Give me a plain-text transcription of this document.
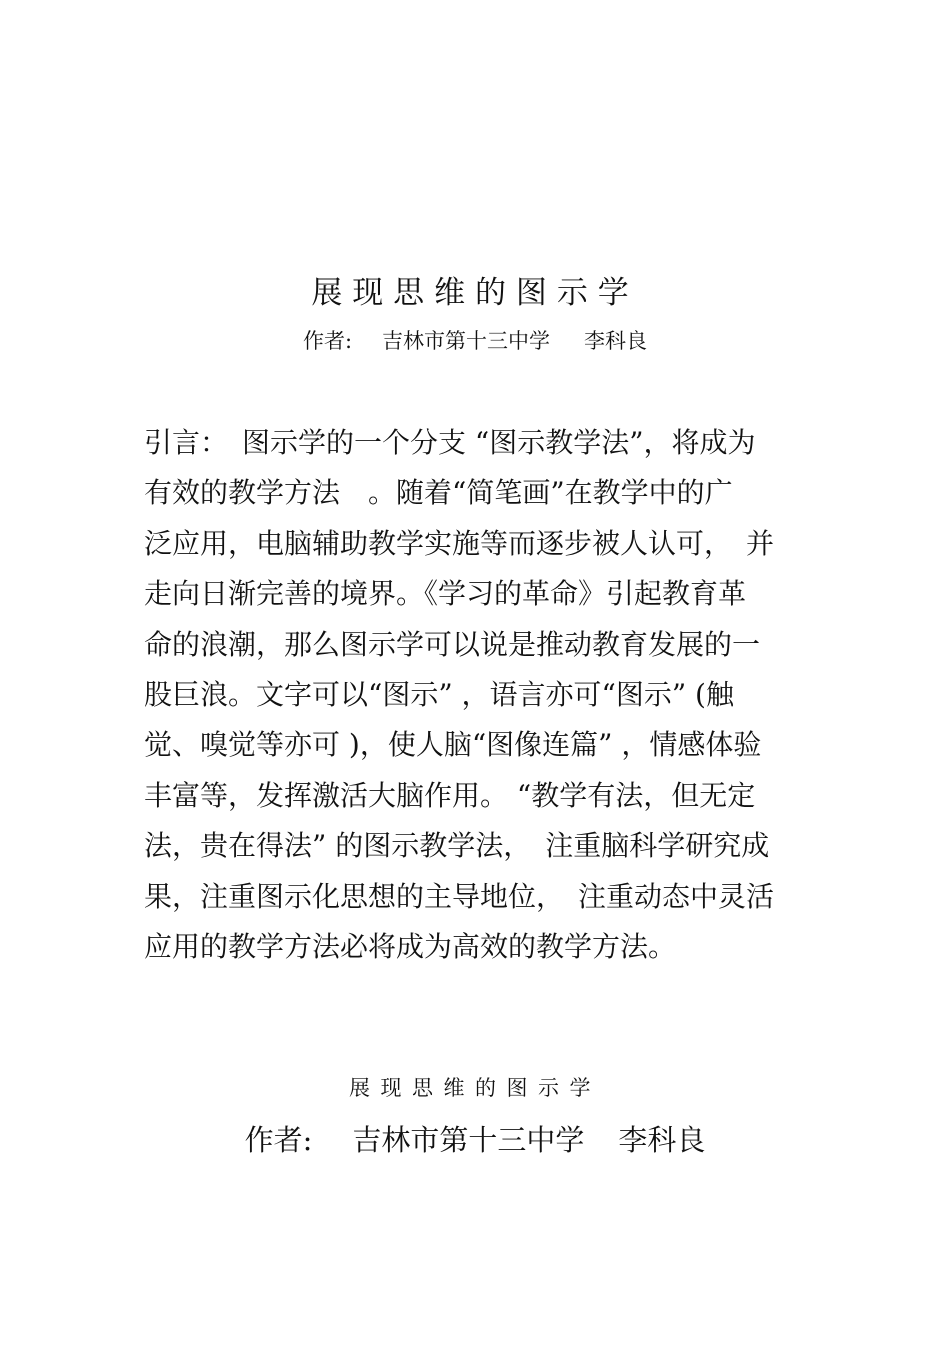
展现思维的图示学
作者: 吉林市第十三中学 李科良
引言：　图示学的一个分支 “图示教学法”，将成为
有效的教学方法　。随着“简笔画”在教学中的广
泛应用，电脑辅助教学实施等而逐步被人认可，　并
走向日渐完善的境界。《学习的革命》引起教育革
命的浪潮，那么图示学可以说是推动教育发展的一
股巨浪。文字可以“图示” ，语言亦可“图示” (触
觉、嗅觉等亦可 )，使人脑“图像连篇” ，情感体验
丰富等，发挥激活大脑作用。 “教学有法，但无定
法，贵在得法” 的图示教学法，　注重脑科学研究成
果，注重图示化思想的主导地位，　注重动态中灵活
应用的教学方法必将成为高效的教学方法。
展现思维的图示学
作者: 吉林市第十三中学 李科良
